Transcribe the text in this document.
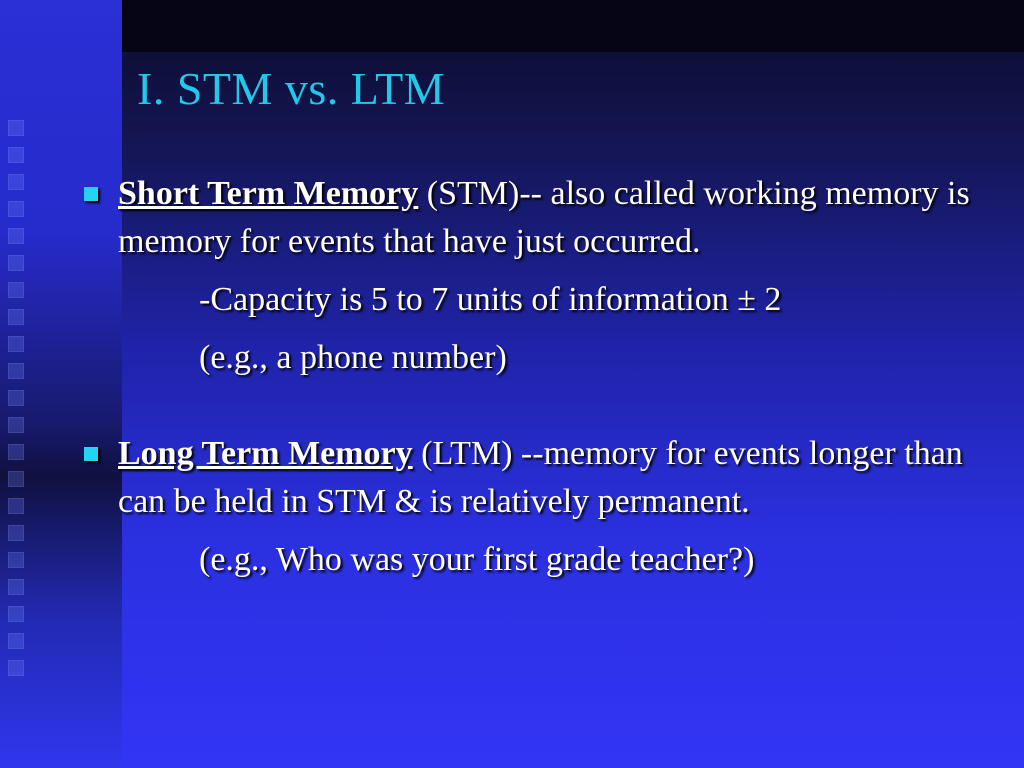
I. STM vs. LTM
Short Term Memory (STM)-- also called working memory is memory for events that have just occurred.
-Capacity is 5 to 7 units of information ± 2
(e.g., a phone number)
Long Term Memory (LTM) --memory for events longer than can be held in STM & is relatively permanent.
(e.g., Who was your first grade teacher?)
